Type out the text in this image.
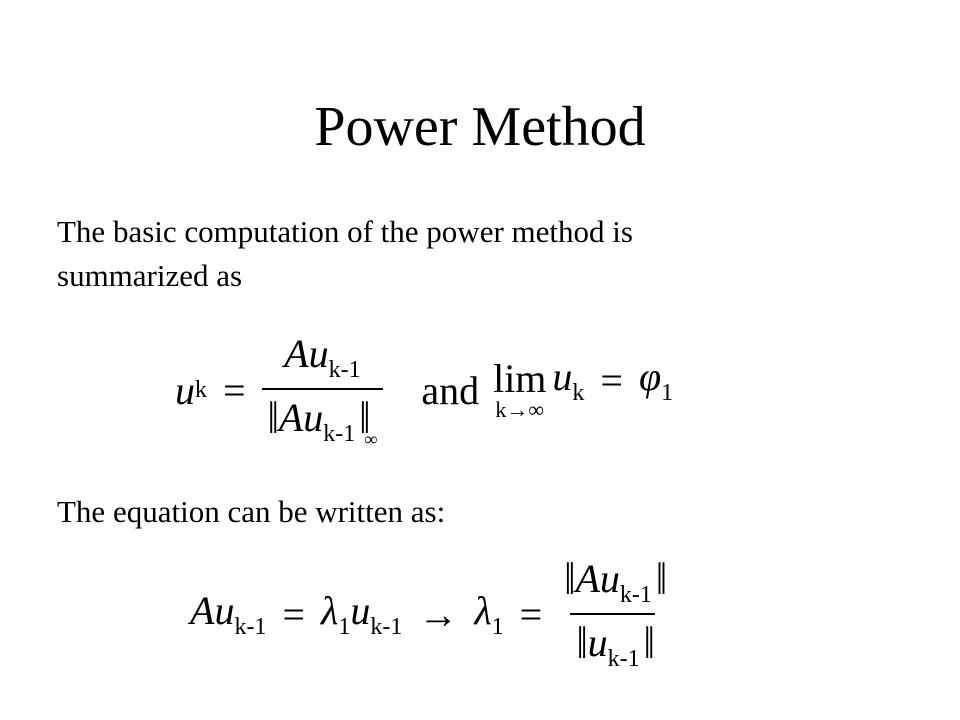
Power Method
The basic computation of the power method is summarized as
u $k = \frac{Au_{k-1}}{‖ Au_{k-1} ‖_\infty}$ and lim
k→∞
$u_k = \varphi_1$
The equation can be written as:
$Au_{k-1} = \lambda_1u_{k-1} \to \lambda_1 = \frac{‖ Au_{k-1} ‖}{‖ u_{k-1} ‖}$
